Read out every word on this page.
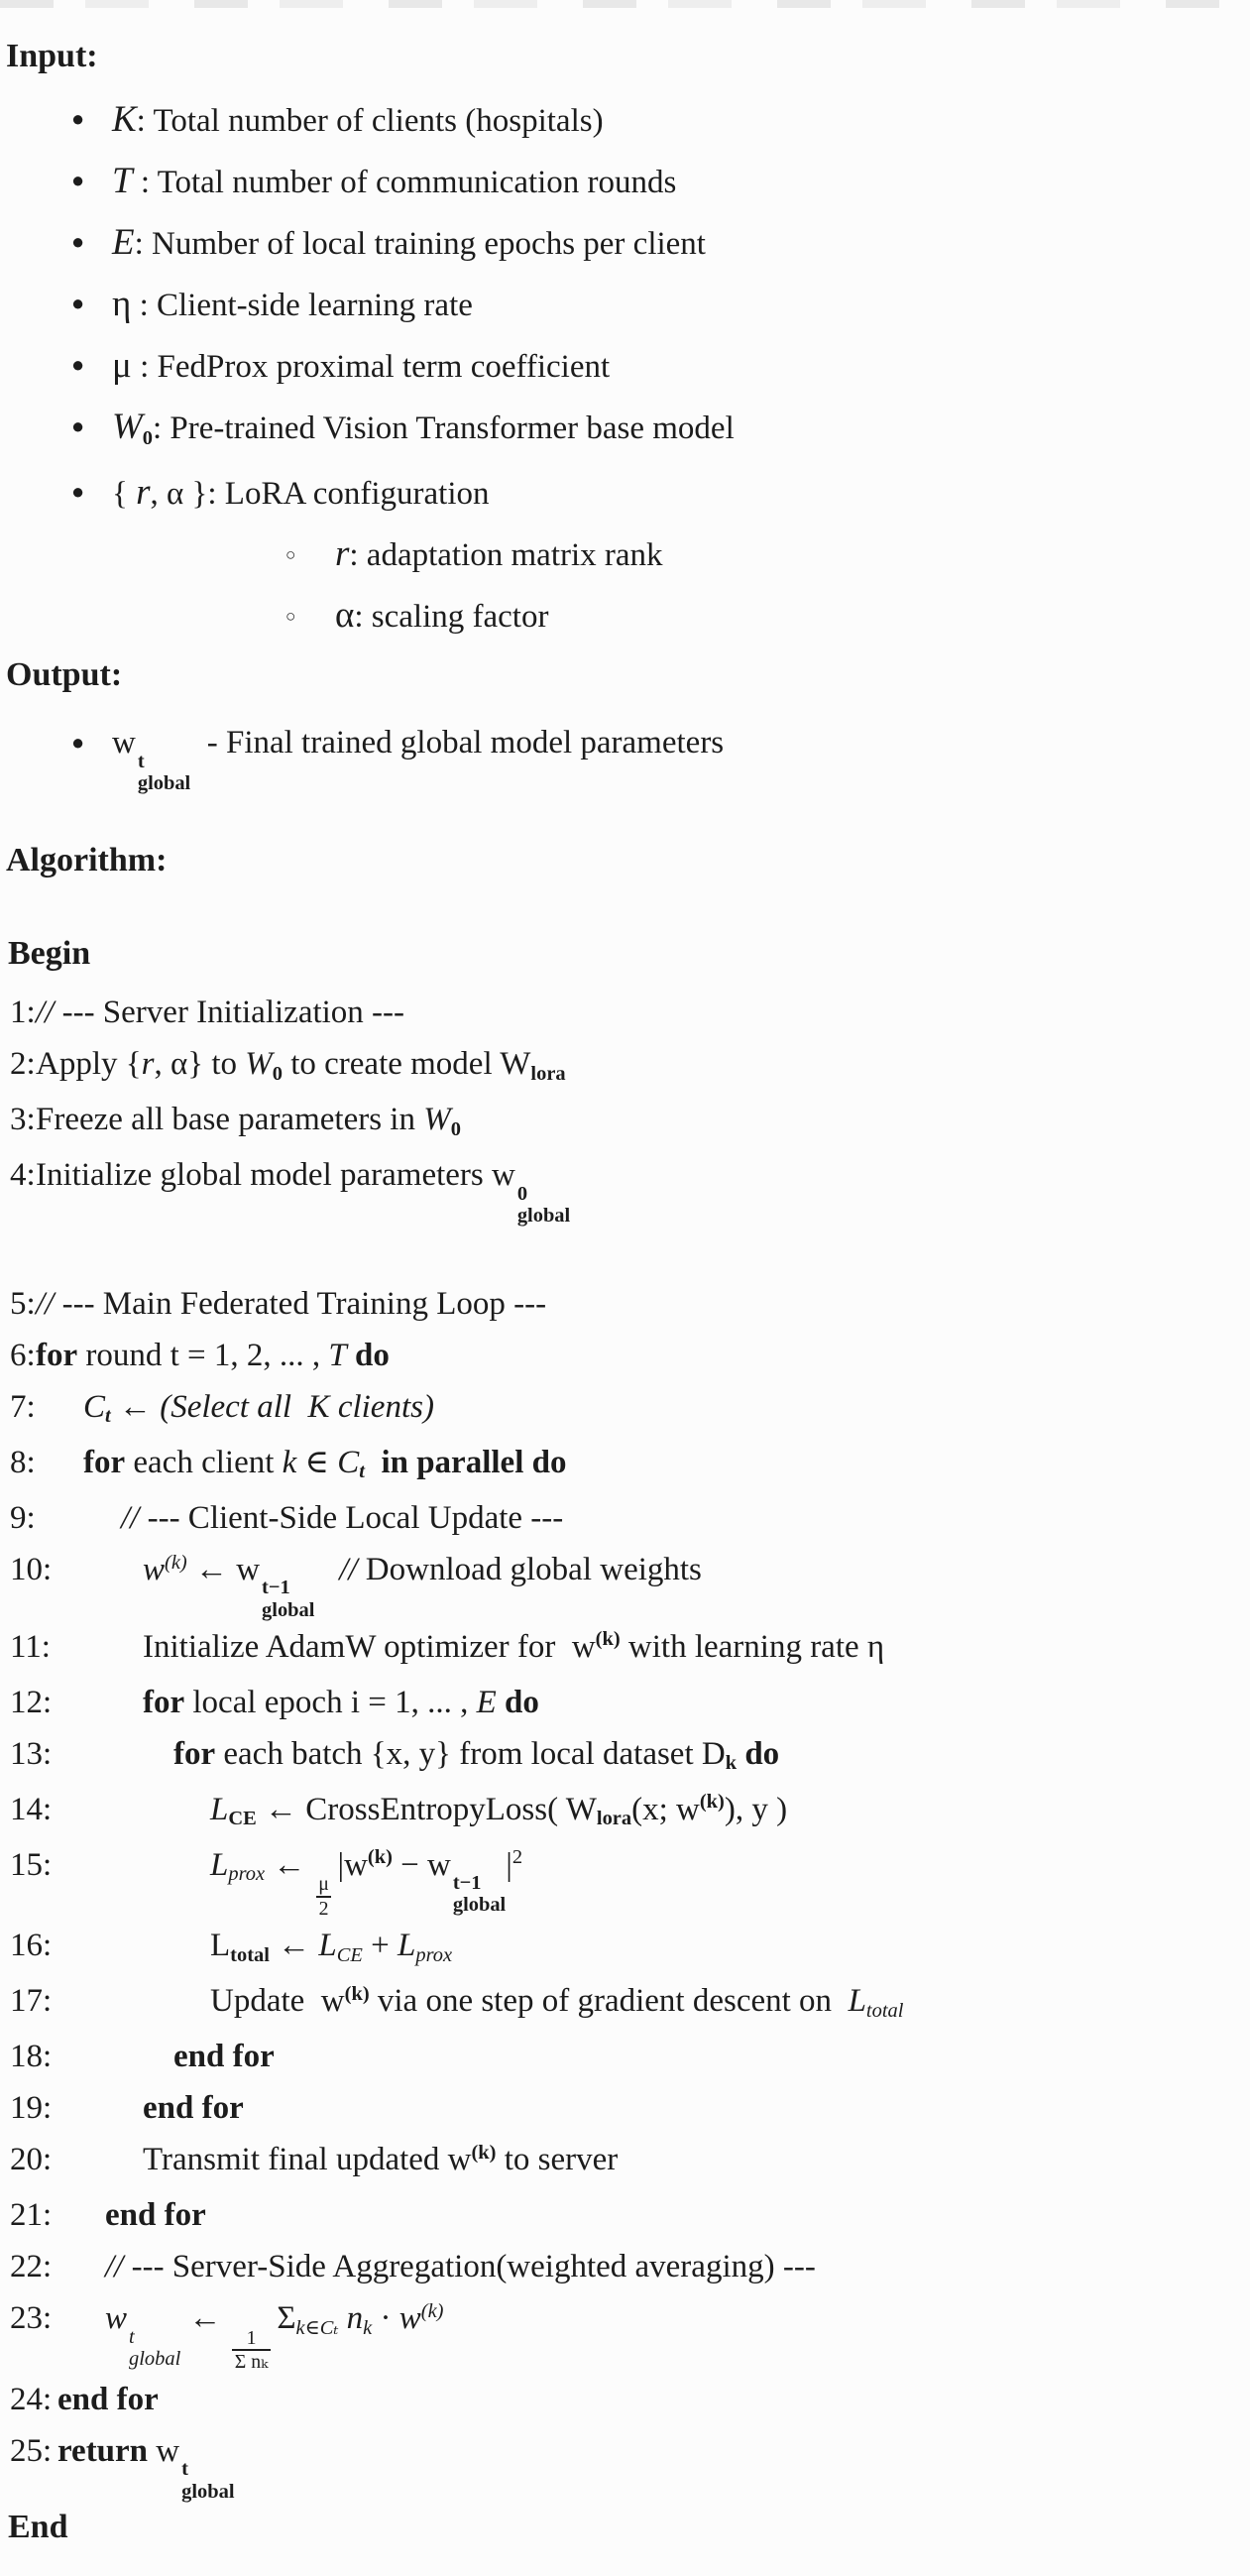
Input:
● K: Total number of clients (hospitals)
● T : Total number of communication rounds
● E: Number of local training epochs per client
● η : Client-side learning rate
● μ : FedProx proximal term coefficient
● W0: Pre-trained Vision Transformer base model
● { r, α }: LoRA configuration
○ r: adaptation matrix rank
○ α: scaling factor
Output:
● w
t
global
- Final trained global model parameters
Algorithm:
Begin
1: // --- Server Initialization ---
2: Apply {r, α} to W0 to create model Wlora
3: Freeze all base parameters in W0
4: Initialize global model parameters w
0
global
5: // --- Main Federated Training Loop ---
6: for round t = 1, 2, ... , T do
7: Ct ← (Select all  K clients)
8: for each client k ∈ Ct in parallel do
9:	// --- Client-Side Local Update ---
10:	$w^{(k)}$ ← w
t−1
global
// Download global weights
11:	Initialize AdamW optimizer for  $w^{(k)}$ with learning rate η
12:	for local epoch i = 1, ... , E do
13:	for each batch {x, y} from local dataset Dk do
14:	LCE ← CrossEntropyLoss( Wlora(x; $w^{(k)}$), y )
15:	Lprox ←
$\frac{\mu}{2}$
$|w^{(k)} - w$
t−1
global
$|^2$
16:	Ltotal ← LCE + Lprox
17:	Update  $w^{(k)}$ via one step of gradient descent on  Ltotal
18:	end for
19:	end for
20:	Transmit final updated $w^{(k)}$ to server
21: end for
22: // --- Server-Side Aggregation(weighted averaging) ---
23: w
t
global
←
$\frac{1}{\text{Σ nₖ}}$
Σk∈Cₜ nk · $w^{(k)}$
24: end for
25: return w
t
global
End
